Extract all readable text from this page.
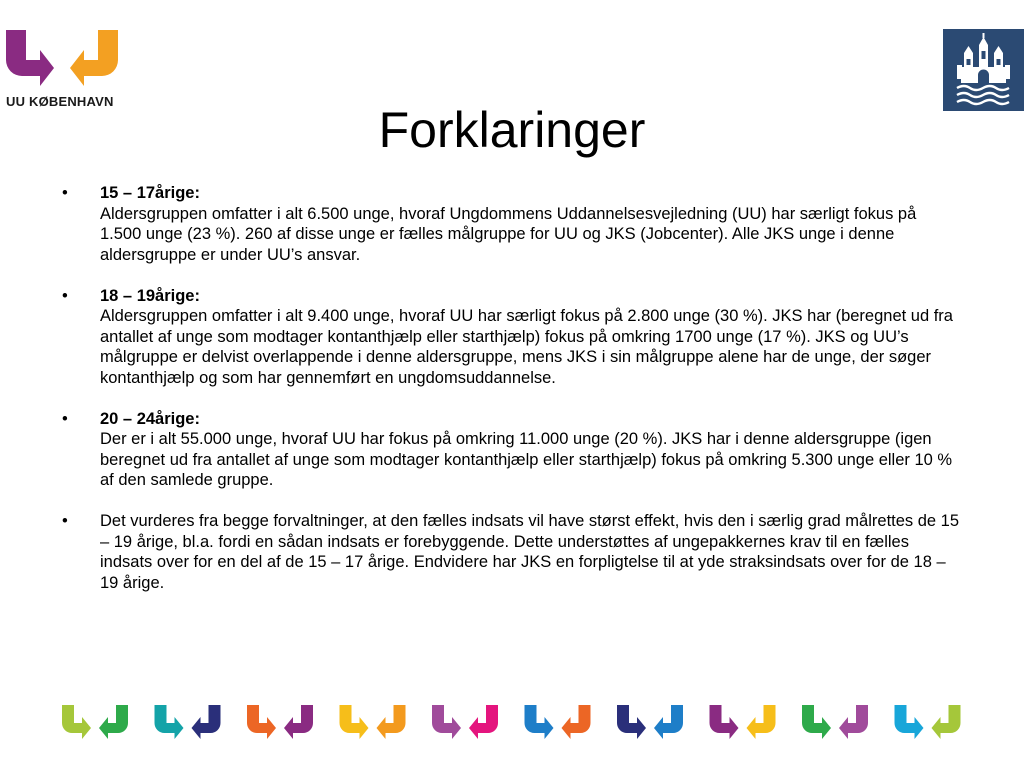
UU KØBENHAVN	Forklaringer
• 15 – 17årige:
Aldersgruppen omfatter i alt 6.500 unge, hvoraf Ungdommens Uddannelsesvejledning (UU) har særligt fokus på 1.500 unge (23 %). 260 af disse unge er fælles målgruppe for UU og JKS (Jobcenter). Alle JKS unge i denne aldersgruppe er under UU’s ansvar.
• 18 – 19årige:
Aldersgruppen omfatter i alt 9.400 unge, hvoraf UU har særligt fokus på 2.800 unge (30 %). JKS har (beregnet ud fra antallet af unge som modtager kontanthjælp eller starthjælp) fokus på omkring 1700 unge (17 %). JKS og UU’s målgruppe er delvist overlappende i denne aldersgruppe, mens JKS i sin målgruppe alene har de unge, der søger kontanthjælp og som har gennemført en ungdomsuddannelse.
• 20 – 24årige:
Der er i alt 55.000 unge, hvoraf UU har fokus på omkring 11.000 unge (20 %). JKS har i denne aldersgruppe (igen beregnet ud fra antallet af unge som modtager kontanthjælp eller starthjælp) fokus på omkring 5.300 unge eller 10 % af den samlede gruppe.
• Det vurderes fra begge forvaltninger, at den fælles indsats vil have størst effekt, hvis den i særlig grad målrettes de 15 – 19 årige, bl.a. fordi en sådan indsats er forebyggende. Dette understøttes af ungepakkernes krav til en fælles indsats over for en del af de 15 – 17 årige. Endvidere har JKS en forpligtelse til at yde straksindsats over for de 18 – 19 årige.
